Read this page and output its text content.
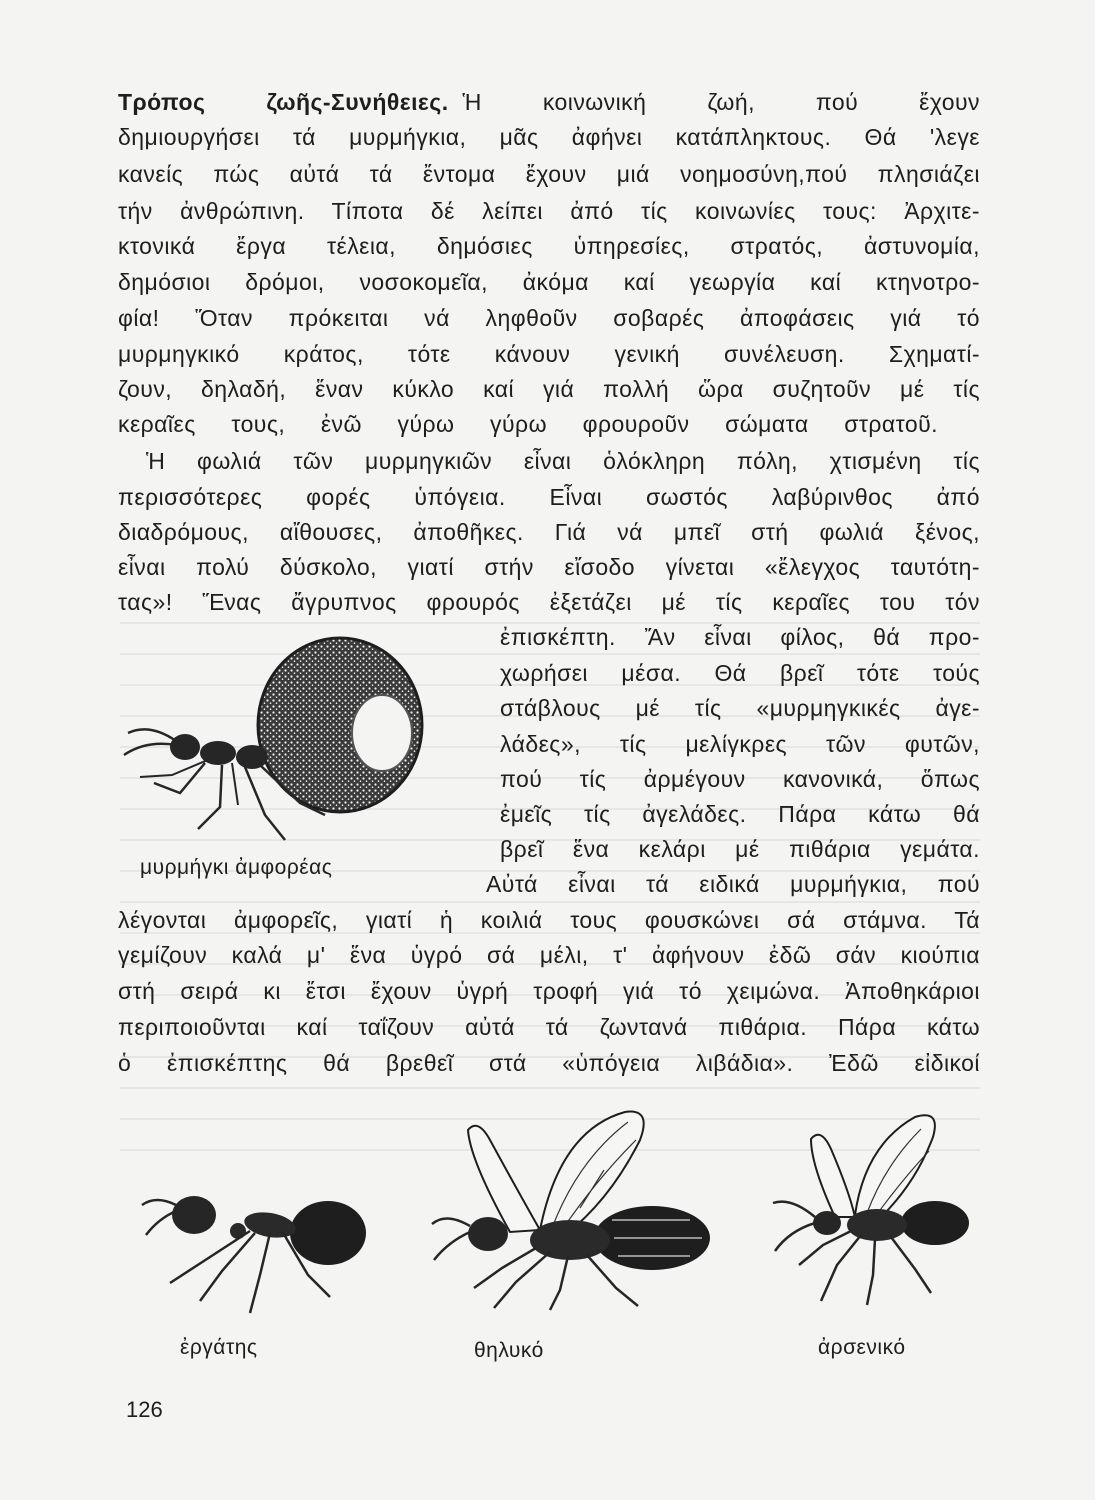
Τρόπος ζωῆς-Συνήθειες. Ἡ κοινωνική ζωή, πού ἔχουν

δημιουργήσει τά μυρμήγκια, μᾶς ἀφήνει κατάπληκτους. Θά 'λεγε

κανείς πώς αὐτά τά ἔντομα ἔχουν μιά νοημοσύνη,πού πλησιάζει

τήν ἀνθρώπινη. Τίποτα δέ λείπει ἀπό τίς κοινωνίες τους: Ἀρχιτε-

κτονικά ἔργα τέλεια, δημόσιες ὑπηρεσίες, στρατός, ἀστυνομία,

δημόσιοι δρόμοι, νοσοκομεῖα, ἀκόμα καί γεωργία καί κτηνοτρο-

φία! Ὅταν πρόκειται νά ληφθοῦν σοβαρές ἀποφάσεις γιά τό

μυρμηγκικό κράτος, τότε κάνουν γενική συνέλευση. Σχηματί-

ζουν, δηλαδή, ἕναν κύκλο καί γιά πολλή ὥρα συζητοῦν μέ τίς

κεραῖες τους, ἐνῶ γύρω γύρω φρουροῦν σώματα στρατοῦ.

Ἡ φωλιά τῶν μυρμηγκιῶν εἶναι ὁλόκληρη πόλη, χτισμένη τίς

περισσότερες φορές ὑπόγεια. Εἶναι σωστός λαβύρινθος ἀπό

διαδρόμους, αἴθουσες, ἀποθῆκες. Γιά νά μπεῖ στή φωλιά ξένος,

εἶναι πολύ δύσκολο, γιατί στήν εἴσοδο γίνεται «ἔλεγχος ταυτότη-

τας»! Ἕνας ἄγρυπνος φρουρός ἐξετάζει μέ τίς κεραῖες του τόν

ἐπισκέπτη. Ἄν εἶναι φίλος, θά προ-

χωρήσει μέσα. Θά βρεῖ τότε τούς

στάβλους μέ τίς «μυρμηγκικές ἀγε-

λάδες», τίς μελίγκρες τῶν φυτῶν,

πού τίς ἀρμέγουν κανονικά, ὅπως

ἐμεῖς τίς ἀγελάδες. Πάρα κάτω θά

βρεῖ ἕνα κελάρι μέ πιθάρια γεμάτα.

Αὐτά εἶναι τά ειδικά μυρμήγκια, πού

λέγονται ἀμφορεῖς, γιατί ἡ κοιλιά τους φουσκώνει σά στάμνα. Τά

γεμίζουν καλά μ' ἕνα ὑγρό σά μέλι, τ' ἀφήνουν ἐδῶ σάν κιούπια

στή σειρά κι ἔτσι ἔχουν ὑγρή τροφή γιά τό χειμώνα. Ἀποθηκάριοι

περιποιοῦνται καί ταΐζουν αὐτά τά ζωντανά πιθάρια. Πάρα κάτω

ὁ ἐπισκέπτης θά βρεθεῖ στά «ὑπόγεια λιβάδια». Ἐδῶ εἰδικοί

μυρμήγκι ἀμφορέας
ἐργάτης	θηλυκό	ἀρσενικό
126
